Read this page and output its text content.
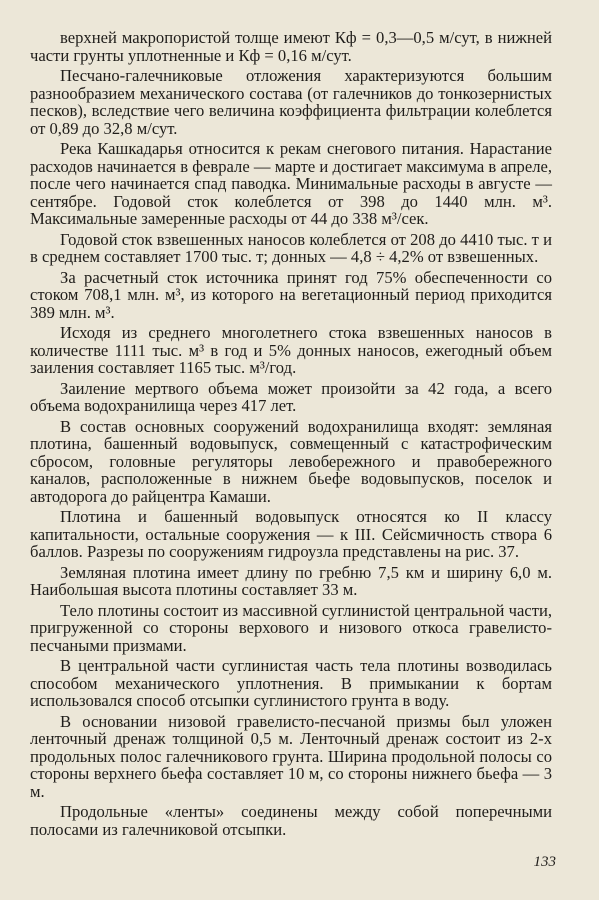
верхней макропористой толще имеют Кф = 0,3—0,5 м/сут, в нижней части грунты уплотненные и Кф = 0,16 м/сут.

Песчано-галечниковые отложения характеризуются большим разнообразием механического состава (от галечников до тонкозернистых песков), вследствие чего величина коэффициента фильтрации колеблется от 0,89 до 32,8 м/сут.

Река Кашкадарья относится к рекам снегового питания. Нарастание расходов начинается в феврале — марте и достигает максимума в апреле, после чего начинается спад паводка. Минимальные расходы в августе — сентябре. Годовой сток колеблется от 398 до 1440 млн. м³. Максимальные замеренные расходы от 44 до 338 м³/сек.

Годовой сток взвешенных наносов колеблется от 208 до 4410 тыс. т и в среднем составляет 1700 тыс. т; донных — 4,8 ÷ 4,2% от взвешенных.

За расчетный сток источника принят год 75% обеспеченности со стоком 708,1 млн. м³, из которого на вегетационный период приходится 389 млн. м³.

Исходя из среднего многолетнего стока взвешенных наносов в количестве 1111 тыс. м³ в год и 5% донных наносов, ежегодный объем заиления составляет 1165 тыс. м³/год.

Заиление мертвого объема может произойти за 42 года, а всего объема водохранилища через 417 лет.

В состав основных сооружений водохранилища входят: земляная плотина, башенный водовыпуск, совмещенный с катастрофическим сбросом, головные регуляторы левобережного и правобережного каналов, расположенные в нижнем бьефе водовыпусков, поселок и автодорога до райцентра Камаши.

Плотина и башенный водовыпуск относятся ко II классу капитальности, остальные сооружения — к III. Сейсмичность створа 6 баллов. Разрезы по сооружениям гидроузла представлены на рис. 37.

Земляная плотина имеет длину по гребню 7,5 км и ширину 6,0 м. Наибольшая высота плотины составляет 33 м.

Тело плотины состоит из массивной суглинистой центральной части, пригруженной со стороны верхового и низового откоса гравелисто-песчаными призмами.

В центральной части суглинистая часть тела плотины возводилась способом механического уплотнения. В примыкании к бортам использовался способ отсыпки суглинистого грунта в воду.

В основании низовой гравелисто-песчаной призмы был уложен ленточный дренаж толщиной 0,5 м. Ленточный дренаж состоит из 2-х продольных полос галечникового грунта. Ширина продольной полосы со стороны верхнего бьефа составляет 10 м, со стороны нижнего бьефа — 3 м.

Продольные «ленты» соединены между собой поперечными полосами из галечниковой отсыпки.

133
